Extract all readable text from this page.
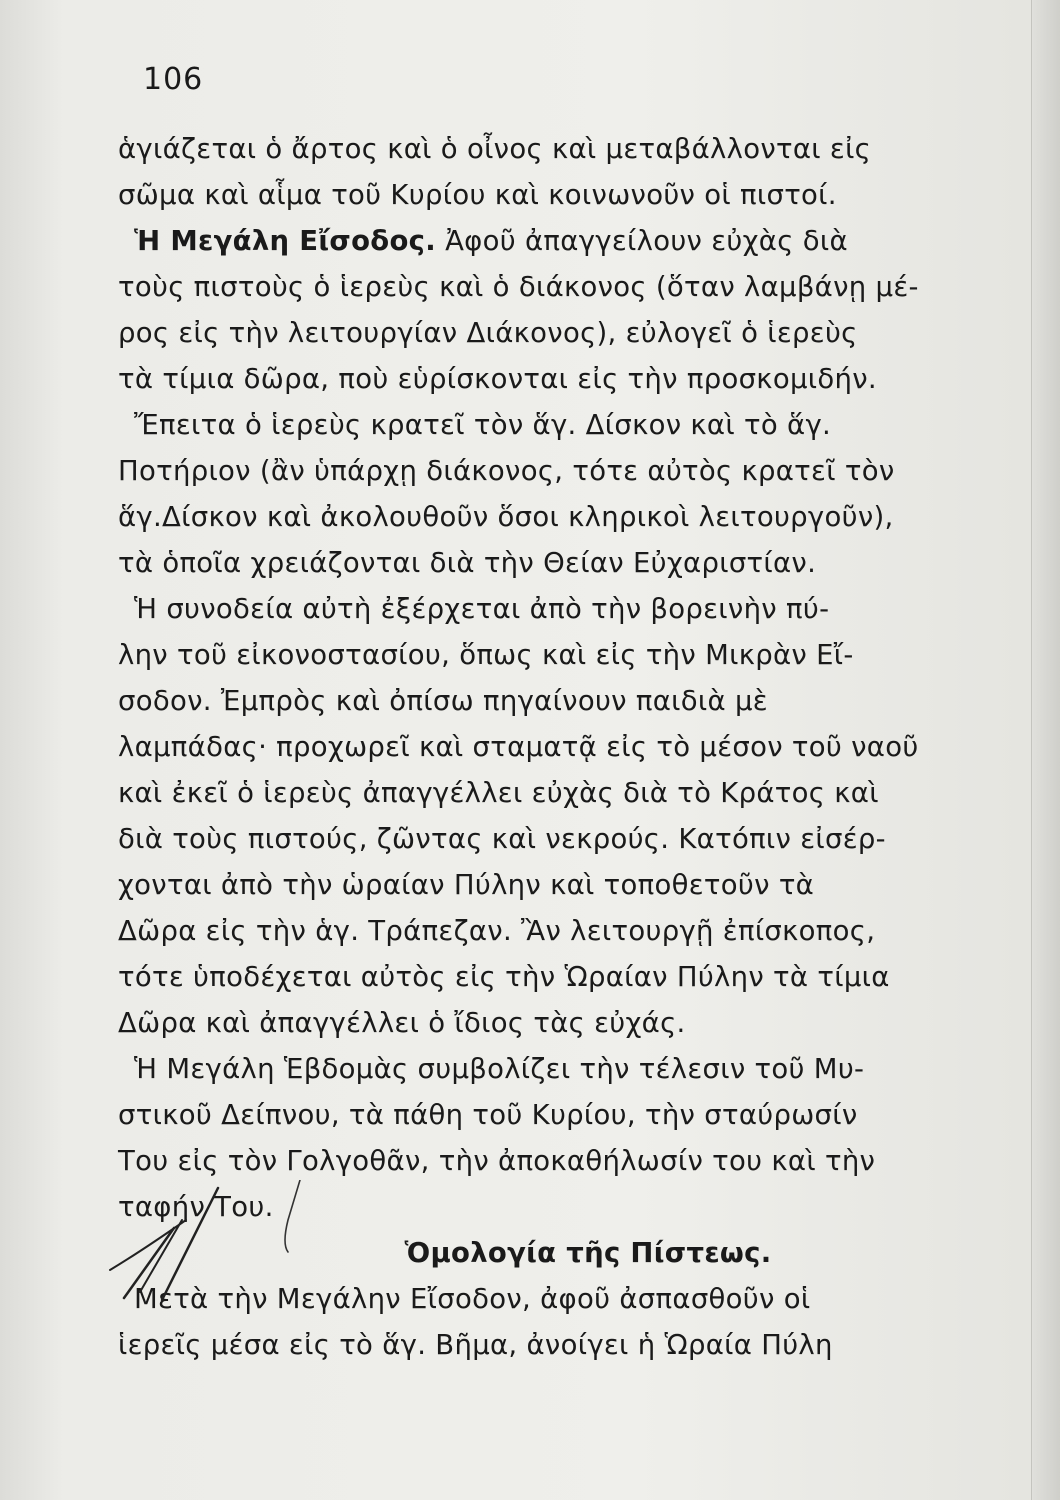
106
ἁγιάζεται ὁ ἄρτος καὶ ὁ οἶνος καὶ μεταβάλλονται εἰς
σῶμα καὶ αἷμα τοῦ Κυρίου καὶ κοινωνοῦν οἱ πιστοί.
Ἡ Μεγάλη Εἴσοδος. Ἀφοῦ ἀπαγγείλουν εὐχὰς διὰ
τοὺς πιστοὺς ὁ ἱερεὺς καὶ ὁ διάκονος (ὅταν λαμβάνῃ μέ-
ρος εἰς τὴν λειτουργίαν Διάκονος), εὐλογεῖ ὁ ἱερεὺς
τὰ τίμια δῶρα, ποὺ εὑρίσκονται εἰς τὴν προσκομιδήν.
Ἔπειτα ὁ ἱερεὺς κρατεῖ τὸν ἅγ. Δίσκον καὶ τὸ ἅγ.
Ποτήριον (ἂν ὑπάρχῃ διάκονος, τότε αὐτὸς κρατεῖ τὸν
ἅγ.Δίσκον καὶ ἀκολουθοῦν ὅσοι κληρικοὶ λειτουργοῦν),
τὰ ὁποῖα χρειάζονται διὰ τὴν Θείαν Εὐχαριστίαν.
Ἡ συνοδεία αὐτὴ ἐξέρχεται ἀπὸ τὴν βορεινὴν πύ-
λην τοῦ εἰκονοστασίου, ὅπως καὶ εἰς τὴν Μικρὰν Εἴ-
σοδον. Ἐμπρὸς καὶ ὀπίσω πηγαίνουν παιδιὰ μὲ
λαμπάδας· προχωρεῖ καὶ σταματᾷ εἰς τὸ μέσον τοῦ ναοῦ
καὶ ἐκεῖ ὁ ἱερεὺς ἀπαγγέλλει εὐχὰς διὰ τὸ Κράτος καὶ
διὰ τοὺς πιστούς, ζῶντας καὶ νεκρούς. Κατόπιν εἰσέρ-
χονται ἀπὸ τὴν ὡραίαν Πύλην καὶ τοποθετοῦν τὰ
Δῶρα εἰς τὴν ἁγ. Τράπεζαν. Ἂν λειτουργῇ ἐπίσκοπος,
τότε ὑποδέχεται αὐτὸς εἰς τὴν Ὡραίαν Πύλην τὰ τίμια
Δῶρα καὶ ἀπαγγέλλει ὁ ἴδιος τὰς εὐχάς.
Ἡ Μεγάλη Ἑβδομὰς συμβολίζει τὴν τέλεσιν τοῦ Μυ-
στικοῦ Δείπνου, τὰ πάθη τοῦ Κυρίου, τὴν σταύρωσίν
Του εἰς τὸν Γολγοθᾶν, τὴν ἀποκαθήλωσίν του καὶ τὴν
ταφήν Του.
Ὁμολογία τῆς Πίστεως.
Μετὰ τὴν Μεγάλην Εἴσοδον, ἀφοῦ ἀσπασθοῦν οἱ
ἱερεῖς μέσα εἰς τὸ ἅγ. Βῆμα, ἀνοίγει ἡ Ὡραία Πύλη
